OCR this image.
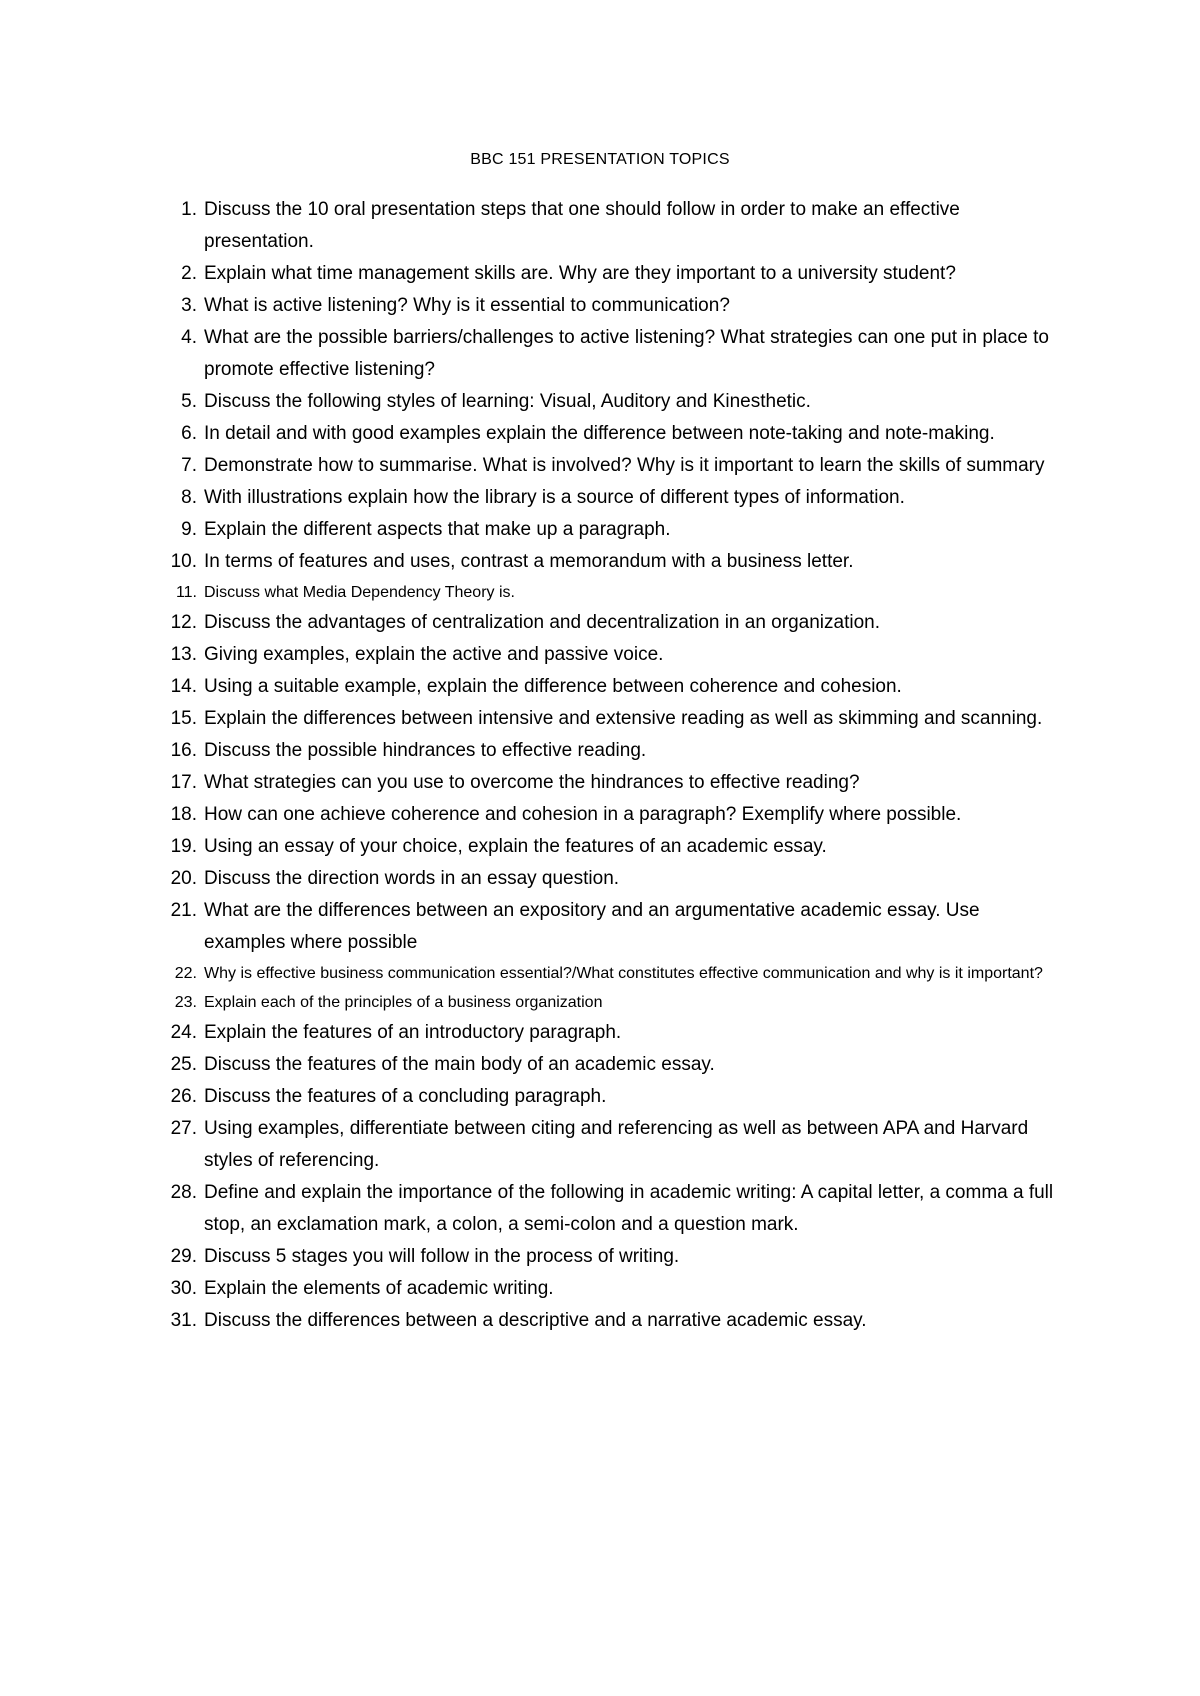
BBC 151 PRESENTATION TOPICS
1. Discuss the 10 oral presentation steps that one should follow in order to make an effective presentation.
2. Explain what time management skills are. Why are they important to a university student?
3. What is active listening? Why is it essential to communication?
4. What are the possible barriers/challenges to active listening? What strategies can one put in place to promote effective listening?
5. Discuss the following styles of learning: Visual, Auditory and Kinesthetic.
6. In detail and with good examples explain the difference between note-taking and note-making.
7. Demonstrate how to summarise. What is involved? Why is it important to learn the skills of summary
8. With illustrations explain how the library is a source of different types of information.
9. Explain the different aspects that make up a paragraph.
10. In terms of features and uses, contrast a memorandum with a business letter.
11. Discuss what Media Dependency Theory is.
12. Discuss the advantages of centralization and decentralization in an organization.
13. Giving examples, explain the active and passive voice.
14. Using a suitable example, explain the difference between coherence and cohesion.
15. Explain the differences between intensive and extensive reading as well as skimming and scanning.
16. Discuss the possible hindrances to effective reading.
17. What strategies can you use to overcome the hindrances to effective reading?
18. How can one achieve coherence and cohesion in a paragraph? Exemplify where possible.
19. Using an essay of your choice, explain the features of an academic essay.
20. Discuss the direction words in an essay question.
21. What are the differences between an expository and an argumentative academic essay. Use examples where possible
22. Why is effective business communication essential?/What constitutes effective communication and why is it important?
23. Explain each of the principles of a business organization
24. Explain the features of an introductory paragraph.
25. Discuss the features of the main body of an academic essay.
26. Discuss the features of a concluding paragraph.
27. Using examples, differentiate between citing and referencing as well as between APA and Harvard styles of referencing.
28. Define and explain the importance of the following in academic writing: A capital letter, a comma a full stop, an exclamation mark, a colon, a semi-colon and a question mark.
29. Discuss 5 stages you will follow in the process of writing.
30. Explain the elements of academic writing.
31. Discuss the differences between a descriptive and a narrative academic essay.
